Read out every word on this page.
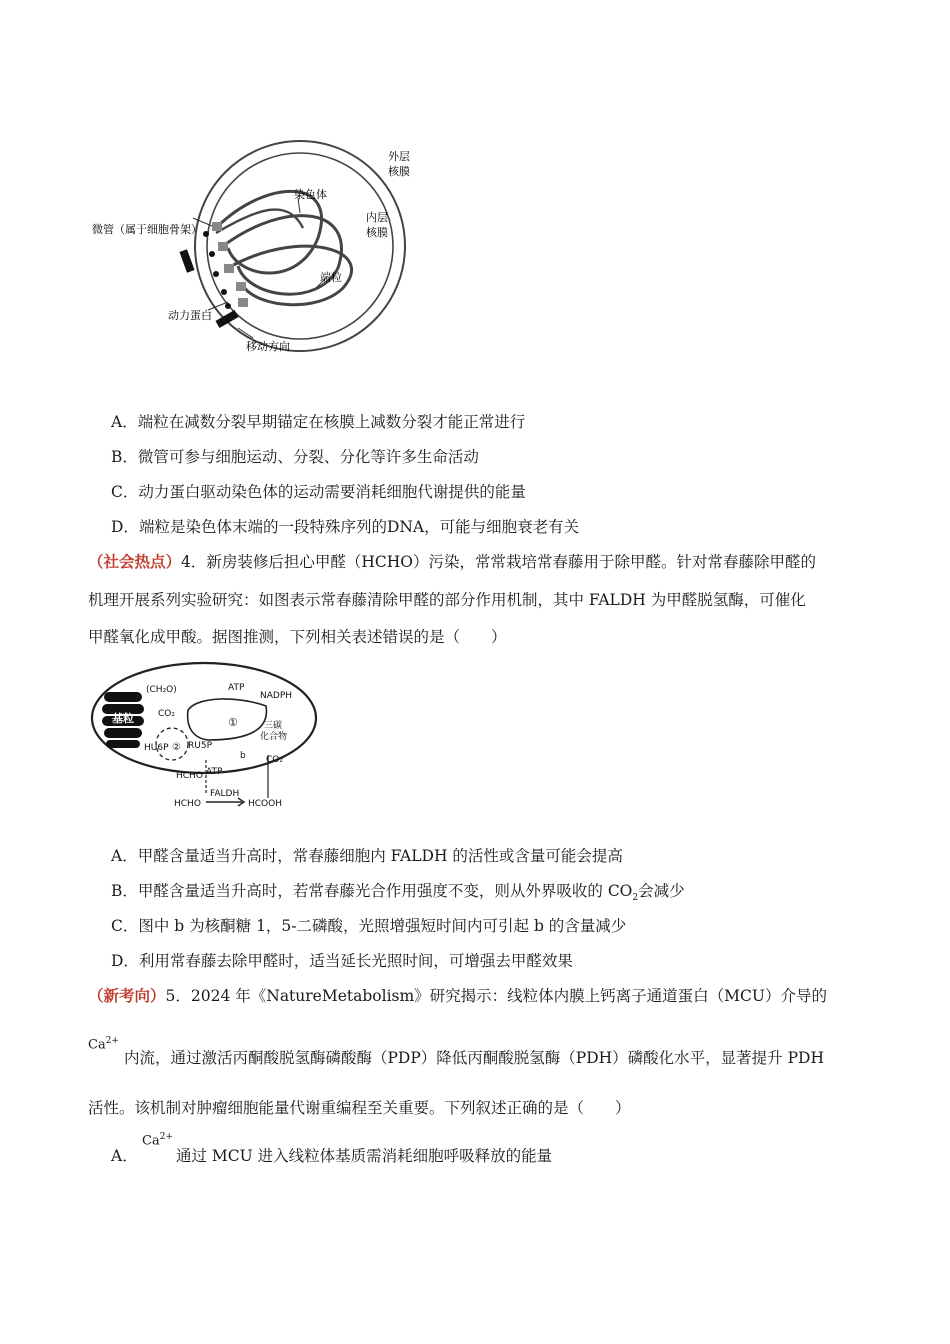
外层
核膜
内层
核膜
染色体
微管（属于细胞骨架）
端粒
动力蛋白
移动方向
A．端粒在减数分裂早期锚定在核膜上减数分裂才能正常进行
B．微管可参与细胞运动、分裂、分化等许多生命活动
C．动力蛋白驱动染色体的运动需要消耗细胞代谢提供的能量
D．端粒是染色体末端的一段特殊序列的DNA，可能与细胞衰老有关
（社会热点）4．新房装修后担心甲醛（HCHO）污染，常常栽培常春藤用于除甲醛。针对常春藤除甲醛的
机理开展系列实验研究：如图表示常春藤清除甲醛的部分作用机制，其中 FALDH 为甲醛脱氢酶，可催化
甲醛氧化成甲酸。据图推测，下列相关表述错误的是（　　）
基粒
(CH₂O)	ATP
NADPH
CO₂
①	三碳
化合物
HU6P ② RU5P
b
ATP
CO₂
HCHO
HCHO
FALDH
HCOOH
A．甲醛含量适当升高时，常春藤细胞内 FALDH 的活性或含量可能会提高
B．甲醛含量适当升高时，若常春藤光合作用强度不变，则从外界吸收的 $CO_2$会减少
C．图中 b 为核酮糖 1，5-二磷酸，光照增强短时间内可引起 b 的含量减少
D．利用常春藤去除甲醛时，适当延长光照时间，可增强去甲醛效果
（新考向）5．2024 年《NatureMetabolism》研究揭示：线粒体内膜上钙离子通道蛋白（MCU）介导的
$Ca^{2+}$
内流，通过激活丙酮酸脱氢酶磷酸酶（PDP）降低丙酮酸脱氢酶（PDH）磷酸化水平，显著提升 PDH
活性。该机制对肿瘤细胞能量代谢重编程至关重要。下列叙述正确的是（　　）
A．
$Ca^{2+}$
通过 MCU 进入线粒体基质需消耗细胞呼吸释放的能量
